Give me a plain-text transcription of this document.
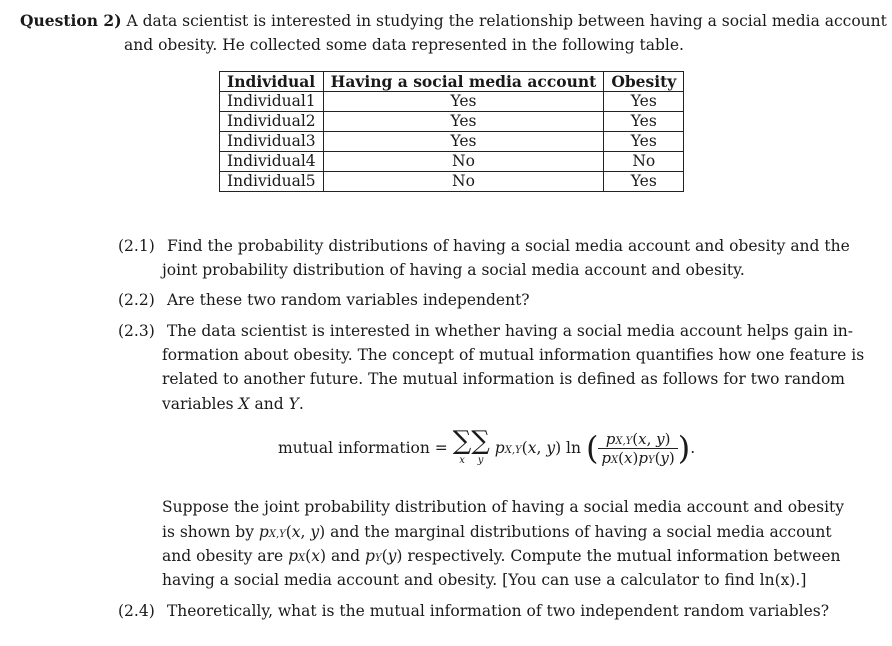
Question 2) A data scientist is interested in studying the relationship between having a social media account
and obesity. He collected some data represented in the following table.
Individual	Having a social media account	Obesity
Individual1	Yes	Yes
Individual2	Yes	Yes
Individual3	Yes	Yes
Individual4	No	No
Individual5	No	Yes
(2.1) Find the probability distributions of having a social media account and obesity and the
joint probability distribution of having a social media account and obesity.
(2.2) Are these two random variables independent?
(2.3) The data scientist is interested in whether having a social media account helps gain in-
formation about obesity. The concept of mutual information quantifies how one feature is
related to another future. The mutual information is defined as follows for two random
variables X and Y.
mutual information = ∑
x
∑
y
pX,Y(x, y) ln ( $\frac{pX,Y(x, y)}{pX(x)pY(y)}$ ).
Suppose the joint probability distribution of having a social media account and obesity
is shown by pX,Y(x, y) and the marginal distributions of having a social media account
and obesity are pX(x) and pY(y) respectively. Compute the mutual information between
having a social media account and obesity. [You can use a calculator to find ln(x).]
(2.4) Theoretically, what is the mutual information of two independent random variables?
